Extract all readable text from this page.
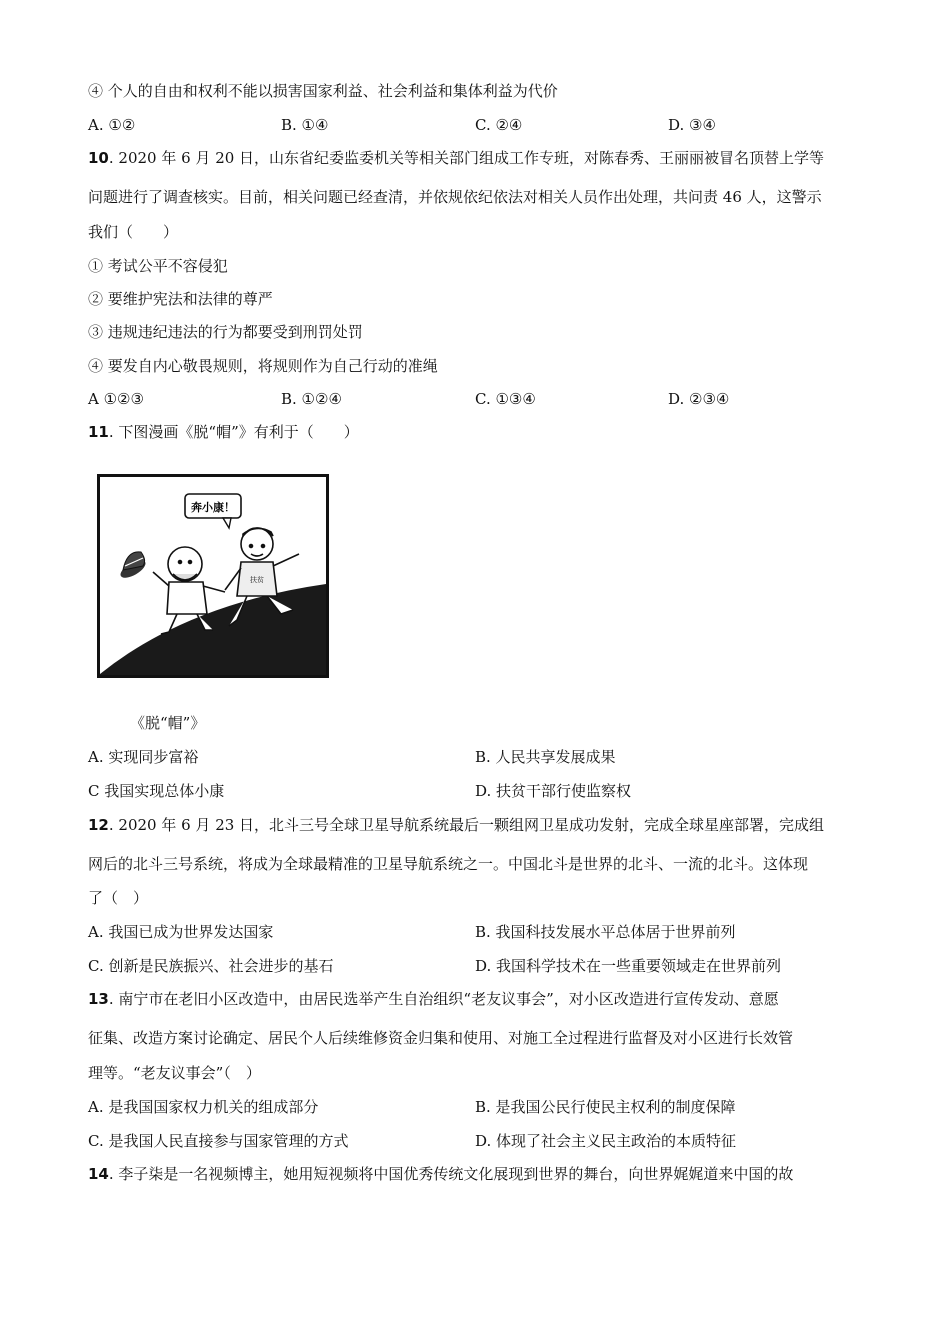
④ 个人的自由和权利不能以损害国家利益、社会利益和集体利益为代价
A. ①②	B. ①④	C. ②④	D. ③④
10. 2020 年 6 月 20 日，山东省纪委监委机关等相关部门组成工作专班，对陈春秀、王丽丽被冒名顶替上学等
问题进行了调查核实。目前，相关问题已经查清，并依规依纪依法对相关人员作出处理，共问责 46 人，这警示
我们（　　）
① 考试公平不容侵犯
② 要维护宪法和法律的尊严
③ 违规违纪违法的行为都要受到刑罚处罚
④ 要发自内心敬畏规则，将规则作为自己行动的准绳
A ①②③	B. ①②④	C. ①③④	D. ②③④
11. 下图漫画《脱“帽”》有利于（　　）
奔小康！
扶贫
《脱“帽”》
A. 实现同步富裕	B. 人民共享发展成果
C 我国实现总体小康	D. 扶贫干部行使监察权
12. 2020 年 6 月 23 日，北斗三号全球卫星导航系统最后一颗组网卫星成功发射，完成全球星座部署，完成组
网后的北斗三号系统，将成为全球最精准的卫星导航系统之一。中国北斗是世界的北斗、一流的北斗。这体现
了（　）
A. 我国已成为世界发达国家	B. 我国科技发展水平总体居于世界前列
C. 创新是民族振兴、社会进步的基石	D. 我国科学技术在一些重要领域走在世界前列
13. 南宁市在老旧小区改造中，由居民选举产生自治组织“老友议事会”，对小区改造进行宣传发动、意愿
征集、改造方案讨论确定、居民个人后续维修资金归集和使用、对施工全过程进行监督及对小区进行长效管
理等。“老友议事会”（　）
A. 是我国国家权力机关的组成部分	B. 是我国公民行使民主权利的制度保障
C. 是我国人民直接参与国家管理的方式	D. 体现了社会主义民主政治的本质特征
14. 李子柒是一名视频博主，她用短视频将中国优秀传统文化展现到世界的舞台，向世界娓娓道来中国的故
